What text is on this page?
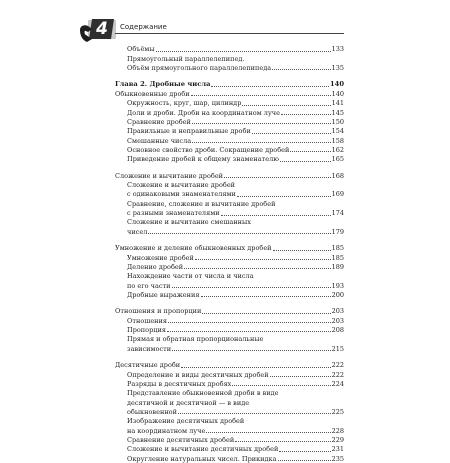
4	Содержание
Объёмы	133
Прямоугольный параллелепипед.
Объём прямоугольного параллелепипеда	135
Глава 2. Дробные числа	140
Обыкновенные дроби	140
Окружность, круг, шар, цилиндр	141
Доли и дроби. Дроби на координатном луче	145
Сравнение дробей	150
Правильные и неправильные дроби	154
Смешанные числа	158
Основное свойство дроби. Сокращение дробей	162
Приведение дробей к общему знаменателю	165
Сложение и вычитание дробей	168
Сложение и вычитание дробей
с одинаковыми знаменателями	169
Сравнение, сложение и вычитание дробей
с разными знаменателями	174
Сложение и вычитание смешанных
чисел	179
Умножение и деление обыкновенных дробей	185
Умножение дробей	185
Деление дробей	189
Нахождение части от числа и числа
по его части	193
Дробные выражения	200
Отношения и пропорции	203
Отношения	203
Пропорция	208
Прямая и обратная пропорциональные
зависимости	215
Десятичные дроби	222
Определение и виды десятичных дробей	222
Разряды в десятичных дробях	224
Представление обыкновенной дроби в виде
десятичной и десятичной — в виде
обыкновенной	225
Изображение десятичных дробей
на координатном луче	228
Сравнение десятичных дробей	229
Сложение и вычитание десятичных дробей	231
Округление натуральных чисел. Прикидка	235
